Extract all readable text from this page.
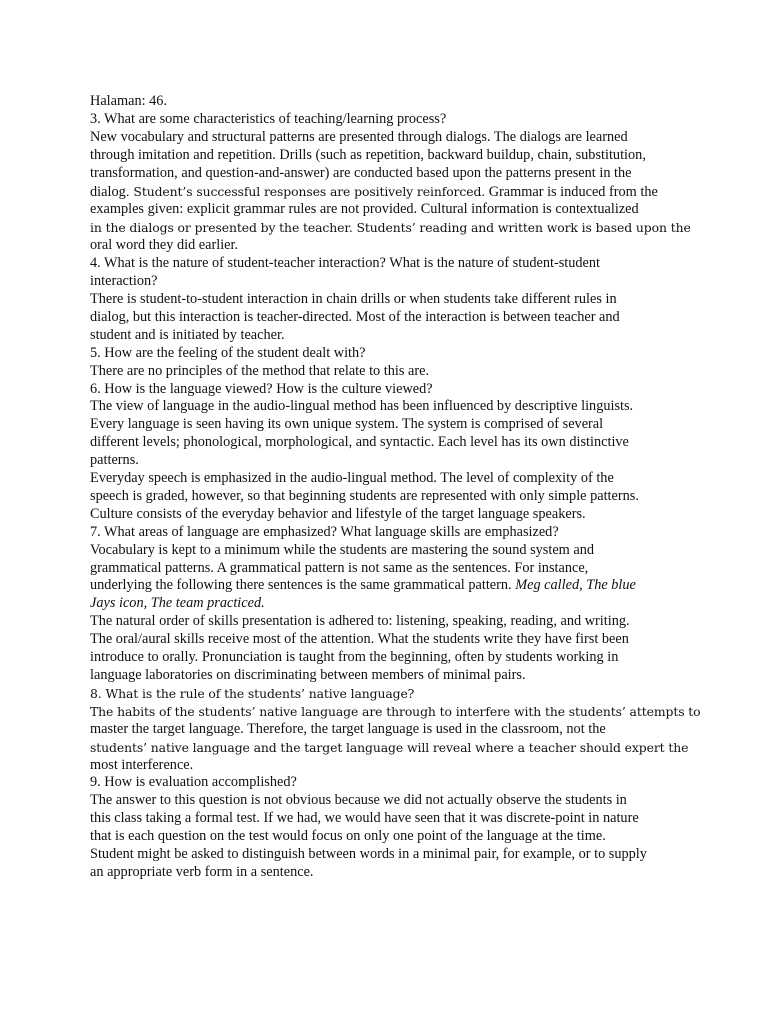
Halaman: 46.
3. What are some characteristics of teaching/learning process?
New vocabulary and structural patterns are presented through dialogs. The dialogs are learned
through imitation and repetition. Drills (such as repetition, backward buildup, chain, substitution,
transformation, and question-and-answer) are conducted based upon the patterns present in the
dialog. Student’s successful responses are positively reinforced. Grammar is induced from the
examples given: explicit grammar rules are not provided. Cultural information is contextualized
in the dialogs or presented by the teacher. Students’ reading and written work is based upon the
oral word they did earlier.
4. What is the nature of student-teacher interaction? What is the nature of student-student
interaction?
There is student-to-student interaction in chain drills or when students take different rules in
dialog, but this interaction is teacher-directed. Most of the interaction is between teacher and
student and is initiated by teacher.
5. How are the feeling of the student dealt with?
There are no principles of the method that relate to this are.
6. How is the language viewed? How is the culture viewed?
The view of language in the audio-lingual method has been influenced by descriptive linguists.
Every language is seen having its own unique system. The system is comprised of several
different levels; phonological, morphological, and syntactic. Each level has its own distinctive
patterns.
Everyday speech is emphasized in the audio-lingual method. The level of complexity of the
speech is graded, however, so that beginning students are represented with only simple patterns.
Culture consists of the everyday behavior and lifestyle of the target language speakers.
7. What areas of language are emphasized? What language skills are emphasized?
Vocabulary is kept to a minimum while the students are mastering the sound system and
grammatical patterns. A grammatical pattern is not same as the sentences. For instance,
underlying the following there sentences is the same grammatical pattern. Meg called, The blue
Jays icon, The team practiced.
The natural order of skills presentation is adhered to: listening, speaking, reading, and writing.
The oral/aural skills receive most of the attention. What the students write they have first been
introduce to orally. Pronunciation is taught from the beginning, often by students working in
language laboratories on discriminating between members of minimal pairs.
8. What is the rule of the students’ native language?
The habits of the students’ native language are through to interfere with the students’ attempts to
master the target language. Therefore, the target language is used in the classroom, not the
students’ native language and the target language will reveal where a teacher should expert the
most interference.
9. How is evaluation accomplished?
The answer to this question is not obvious because we did not actually observe the students in
this class taking a formal test. If we had, we would have seen that it was discrete-point in nature
that is each question on the test would focus on only one point of the language at the time.
Student might be asked to distinguish between words in a minimal pair, for example, or to supply
an appropriate verb form in a sentence.
